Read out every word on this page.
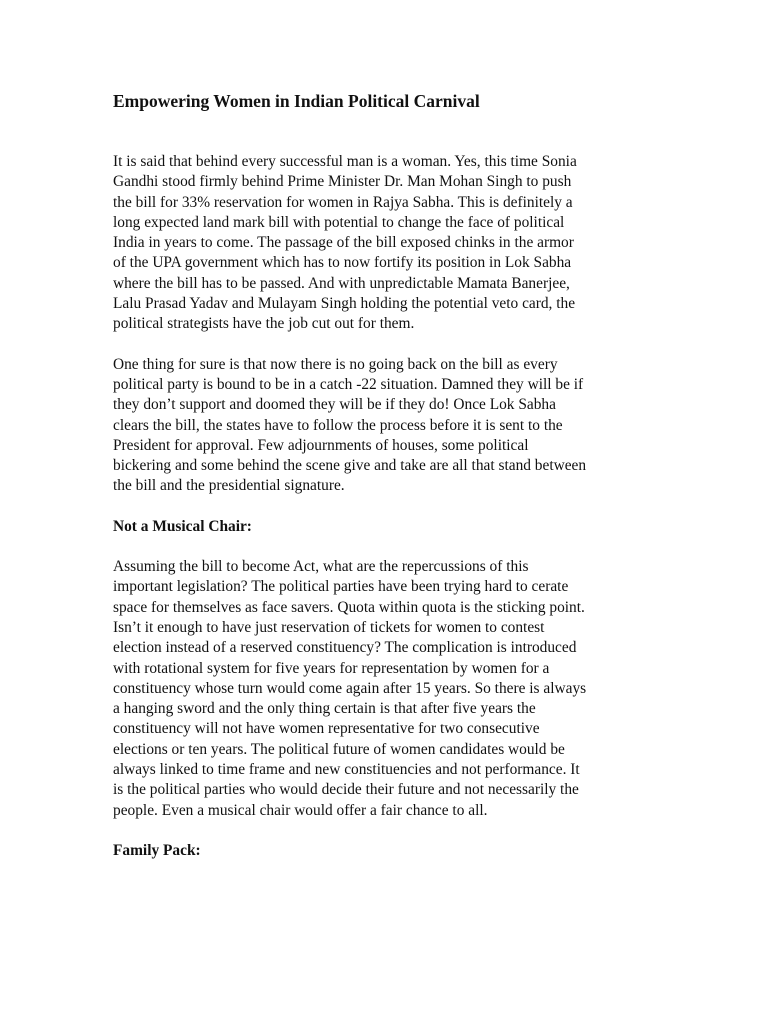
Empowering Women in Indian Political Carnival
It is said that behind every successful man is a woman. Yes, this time Sonia
Gandhi stood firmly behind Prime Minister Dr. Man Mohan Singh to push
the bill for 33% reservation for women in Rajya Sabha. This is definitely a
long expected land mark bill with potential to change the face of political
India in years to come. The passage of the bill exposed chinks in the armor
of the UPA government which has to now fortify its position in Lok Sabha
where the bill has to be passed. And with unpredictable Mamata Banerjee,
Lalu Prasad Yadav and Mulayam Singh holding the potential veto card, the
political strategists have the job cut out for them.
One thing for sure is that now there is no going back on the bill as every
political party is bound to be in a catch -22 situation. Damned they will be if
they don’t support and doomed they will be if they do! Once Lok Sabha
clears the bill, the states have to follow the process before it is sent to the
President for approval. Few adjournments of houses, some political
bickering and some behind the scene give and take are all that stand between
the bill and the presidential signature.
Not a Musical Chair:
Assuming the bill to become Act, what are the repercussions of this
important legislation? The political parties have been trying hard to cerate
space for themselves as face savers. Quota within quota is the sticking point.
Isn’t it enough to have just reservation of tickets for women to contest
election instead of a reserved constituency? The complication is introduced
with rotational system for five years for representation by women for a
constituency whose turn would come again after 15 years. So there is always
a hanging sword and the only thing certain is that after five years the
constituency will not have women representative for two consecutive
elections or ten years. The political future of women candidates would be
always linked to time frame and new constituencies and not performance. It
is the political parties who would decide their future and not necessarily the
people. Even a musical chair would offer a fair chance to all.
Family Pack:
